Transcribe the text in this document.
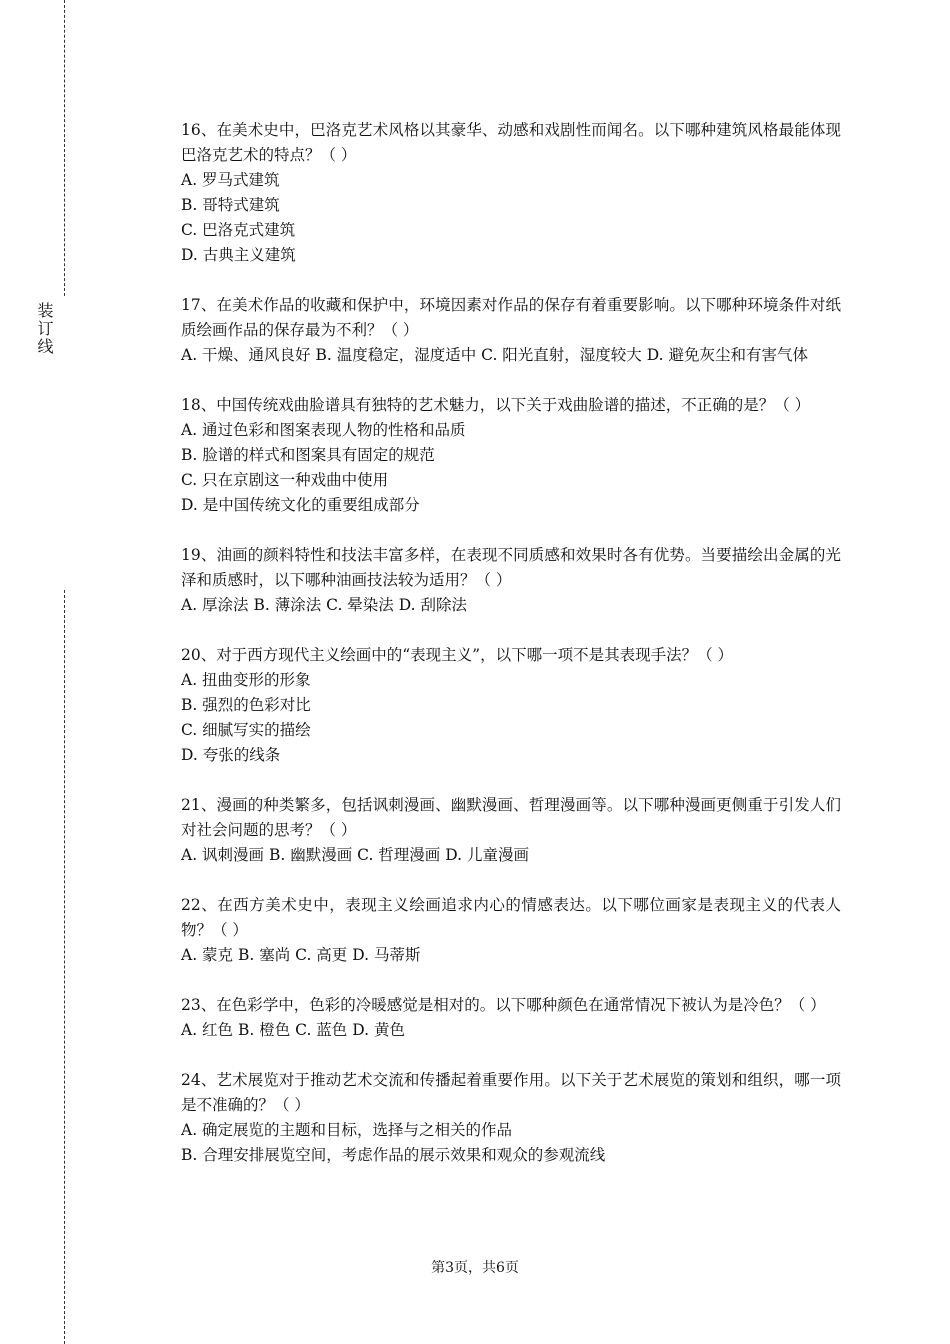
装订线

16、在美术史中，巴洛克艺术风格以其豪华、动感和戏剧性而闻名。以下哪种建筑风格最能体现巴洛克艺术的特点？（ ）

A. 罗马式建筑

B. 哥特式建筑

C. 巴洛克式建筑

D. 古典主义建筑

17、在美术作品的收藏和保护中，环境因素对作品的保存有着重要影响。以下哪种环境条件对纸质绘画作品的保存最为不利？（ ）

A. 干燥、通风良好 B. 温度稳定，湿度适中 C. 阳光直射，湿度较大 D. 避免灰尘和有害气体

18、中国传统戏曲脸谱具有独特的艺术魅力，以下关于戏曲脸谱的描述，不正确的是？（ ）

A. 通过色彩和图案表现人物的性格和品质

B. 脸谱的样式和图案具有固定的规范

C. 只在京剧这一种戏曲中使用

D. 是中国传统文化的重要组成部分

19、油画的颜料特性和技法丰富多样，在表现不同质感和效果时各有优势。当要描绘出金属的光泽和质感时，以下哪种油画技法较为适用？（ ）

A. 厚涂法 B. 薄涂法 C. 晕染法 D. 刮除法

20、对于西方现代主义绘画中的“表现主义”，以下哪一项不是其表现手法？（ ）

A. 扭曲变形的形象

B. 强烈的色彩对比

C. 细腻写实的描绘

D. 夸张的线条

21、漫画的种类繁多，包括讽刺漫画、幽默漫画、哲理漫画等。以下哪种漫画更侧重于引发人们对社会问题的思考？（ ）

A. 讽刺漫画 B. 幽默漫画 C. 哲理漫画 D. 儿童漫画

22、在西方美术史中，表现主义绘画追求内心的情感表达。以下哪位画家是表现主义的代表人物？（ ）

A. 蒙克 B. 塞尚 C. 高更 D. 马蒂斯

23、在色彩学中，色彩的冷暖感觉是相对的。以下哪种颜色在通常情况下被认为是冷色？（ ）

A. 红色 B. 橙色 C. 蓝色 D. 黄色

24、艺术展览对于推动艺术交流和传播起着重要作用。以下关于艺术展览的策划和组织，哪一项是不准确的？（ ）

A. 确定展览的主题和目标，选择与之相关的作品

B. 合理安排展览空间，考虑作品的展示效果和观众的参观流线

第3页，共6页
